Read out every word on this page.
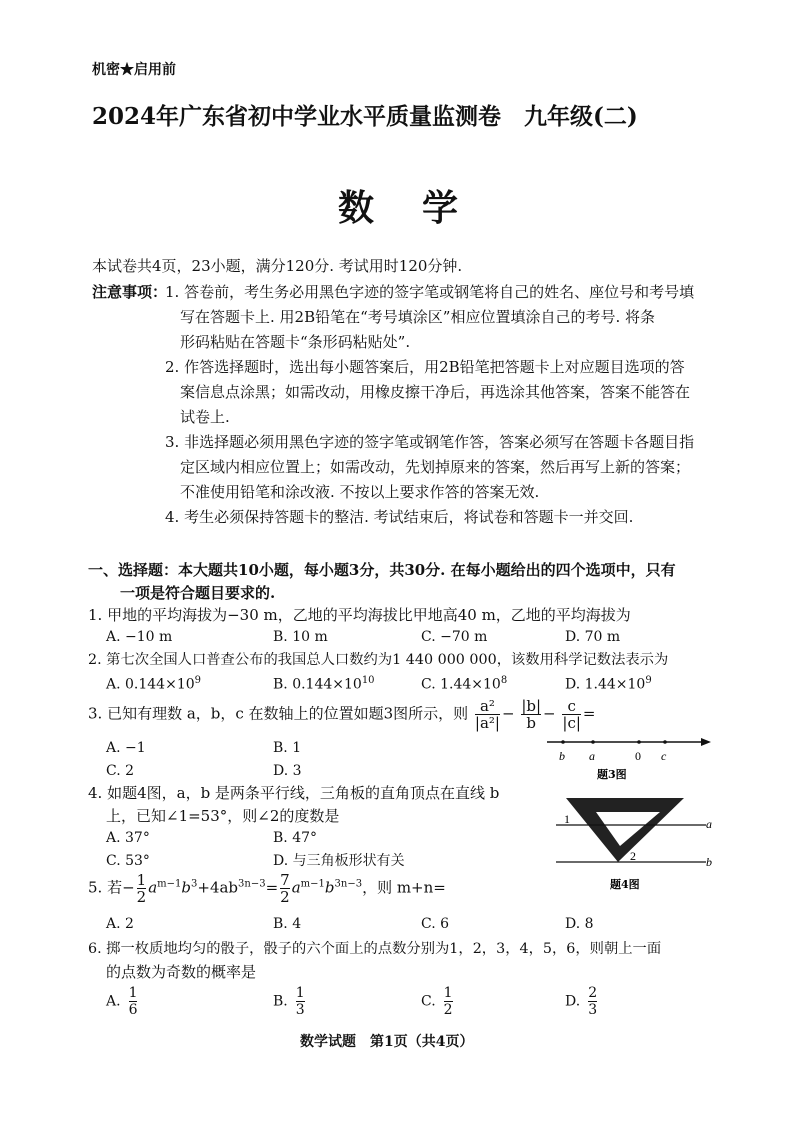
机密★启用前
2024年广东省初中学业水平质量监测卷　九年级(二)
数　学
本试卷共4页，23小题，满分120分. 考试用时120分钟.
注意事项：
1. 答卷前，考生务必用黑色字迹的签字笔或钢笔将自己的姓名、座位号和考号填
写在答题卡上. 用2B铅笔在“考号填涂区”相应位置填涂自己的考号. 将条
形码粘贴在答题卡“条形码粘贴处”.
2. 作答选择题时，选出每小题答案后，用2B铅笔把答题卡上对应题目选项的答
案信息点涂黑；如需改动，用橡皮擦干净后，再选涂其他答案，答案不能答在
试卷上.
3. 非选择题必须用黑色字迹的签字笔或钢笔作答，答案必须写在答题卡各题目指
定区域内相应位置上；如需改动，先划掉原来的答案，然后再写上新的答案；
不准使用铅笔和涂改液. 不按以上要求作答的答案无效.
4. 考生必须保持答题卡的整洁. 考试结束后，将试卷和答题卡一并交回.
一、选择题：本大题共10小题，每小题3分，共30分. 在每小题给出的四个选项中，只有
一项是符合题目要求的.
1. 甲地的平均海拔为−30 m，乙地的平均海拔比甲地高40 m，乙地的平均海拔为
A. −10 m	B. 10 m	C. −70 m	D. 70 m
2. 第七次全国人口普查公布的我国总人口数约为1 440 000 000，该数用科学记数法表示为
A. $0.144\times 10^9$	B. $0.144\times 10^{10}$	C. $1.44\times 10^8$	D. $1.44\times 10^9$
3. 已知有理数 a，b，c 在数轴上的位置如题3图所示，则 $\frac{\text{a²}}{\text{|a²|}} - \frac{|b|}{b} - \frac{c}{|c|}$ =
A. −1	B. 1
C. 2	D. 3
b a	0 c
题3图
4. 如题4图，a，b 是两条平行线，三角板的直角顶点在直线 b
上，已知∠1=53°，则∠2的度数是
A. 37°	B. 47°
C. 53°	D. 与三角板形状有关
1
2
a
b
题4图
5. 若− $\frac{1}{2} a^{m-1}b^3+4ab^{3n-3}= \frac{7}{2} a^{m-1}b^{3n-3}$，则 m+n=
A. 2	B. 4	C. 6	D. 8
6. 掷一枚质地均匀的骰子，骰子的六个面上的点数分别为1，2，3，4，5，6，则朝上一面
的点数为奇数的概率是
A. $\frac{1}{6}$	B. $\frac{1}{3}$	C. $\frac{1}{2}$	D. $\frac{2}{3}$
数学试题　第1页（共4页）
